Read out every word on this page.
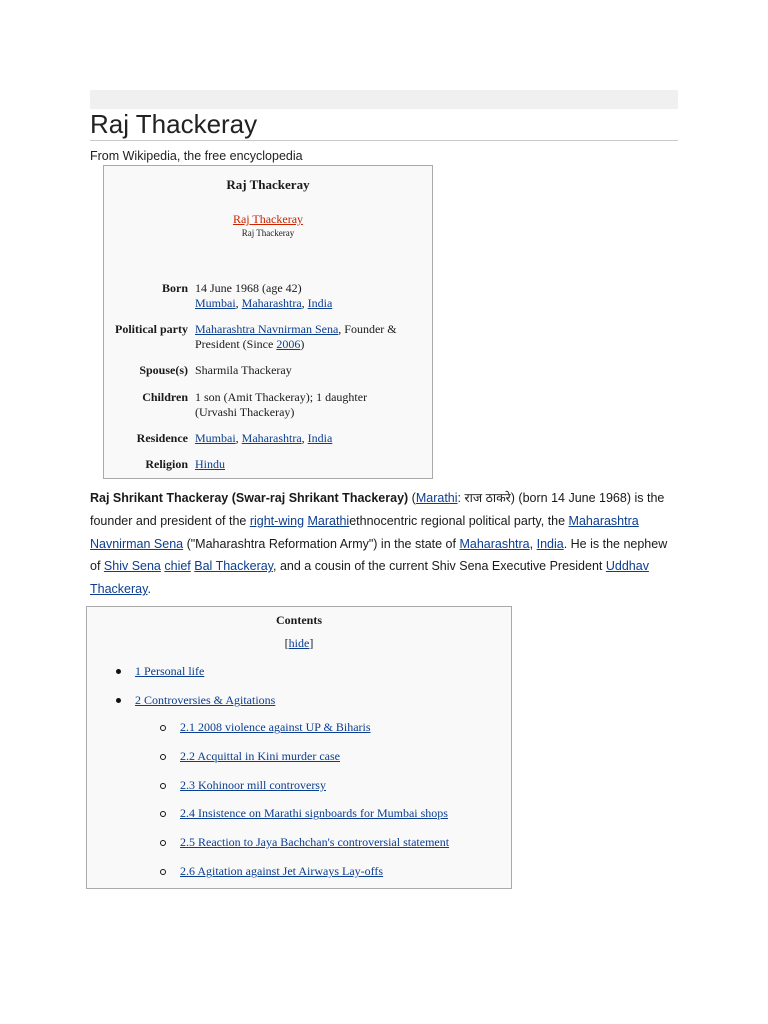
Raj Thackeray
From Wikipedia, the free encyclopedia
Raj Thackeray
Raj Thackeray
Raj Thackeray
Born 14 June 1968 (age 42)
Mumbai, Maharashtra, India
Political party Maharashtra Navnirman Sena, Founder &
President (Since 2006)
Spouse(s) Sharmila Thackeray
Children 1 son (Amit Thackeray); 1 daughter
(Urvashi Thackeray)
Residence Mumbai, Maharashtra, India
Religion Hindu
Raj Shrikant Thackeray (Swar-raj Shrikant Thackeray) (Marathi: राज ठाकरे) (born 14 June 1968) is the founder and president of the right-wing Marathiethnocentric regional political party, the Maharashtra Navnirman Sena ("Maharashtra Reformation Army") in the state of Maharashtra, India. He is the nephew of Shiv Sena chief Bal Thackeray, and a cousin of the current Shiv Sena Executive President Uddhav Thackeray.
Contents
[hide]
1 Personal life
2 Controversies & Agitations
2.1 2008 violence against UP & Biharis
2.2 Acquittal in Kini murder case
2.3 Kohinoor mill controversy
2.4 Insistence on Marathi signboards for Mumbai shops
2.5 Reaction to Jaya Bachchan's controversial statement
2.6 Agitation against Jet Airways Lay-offs
